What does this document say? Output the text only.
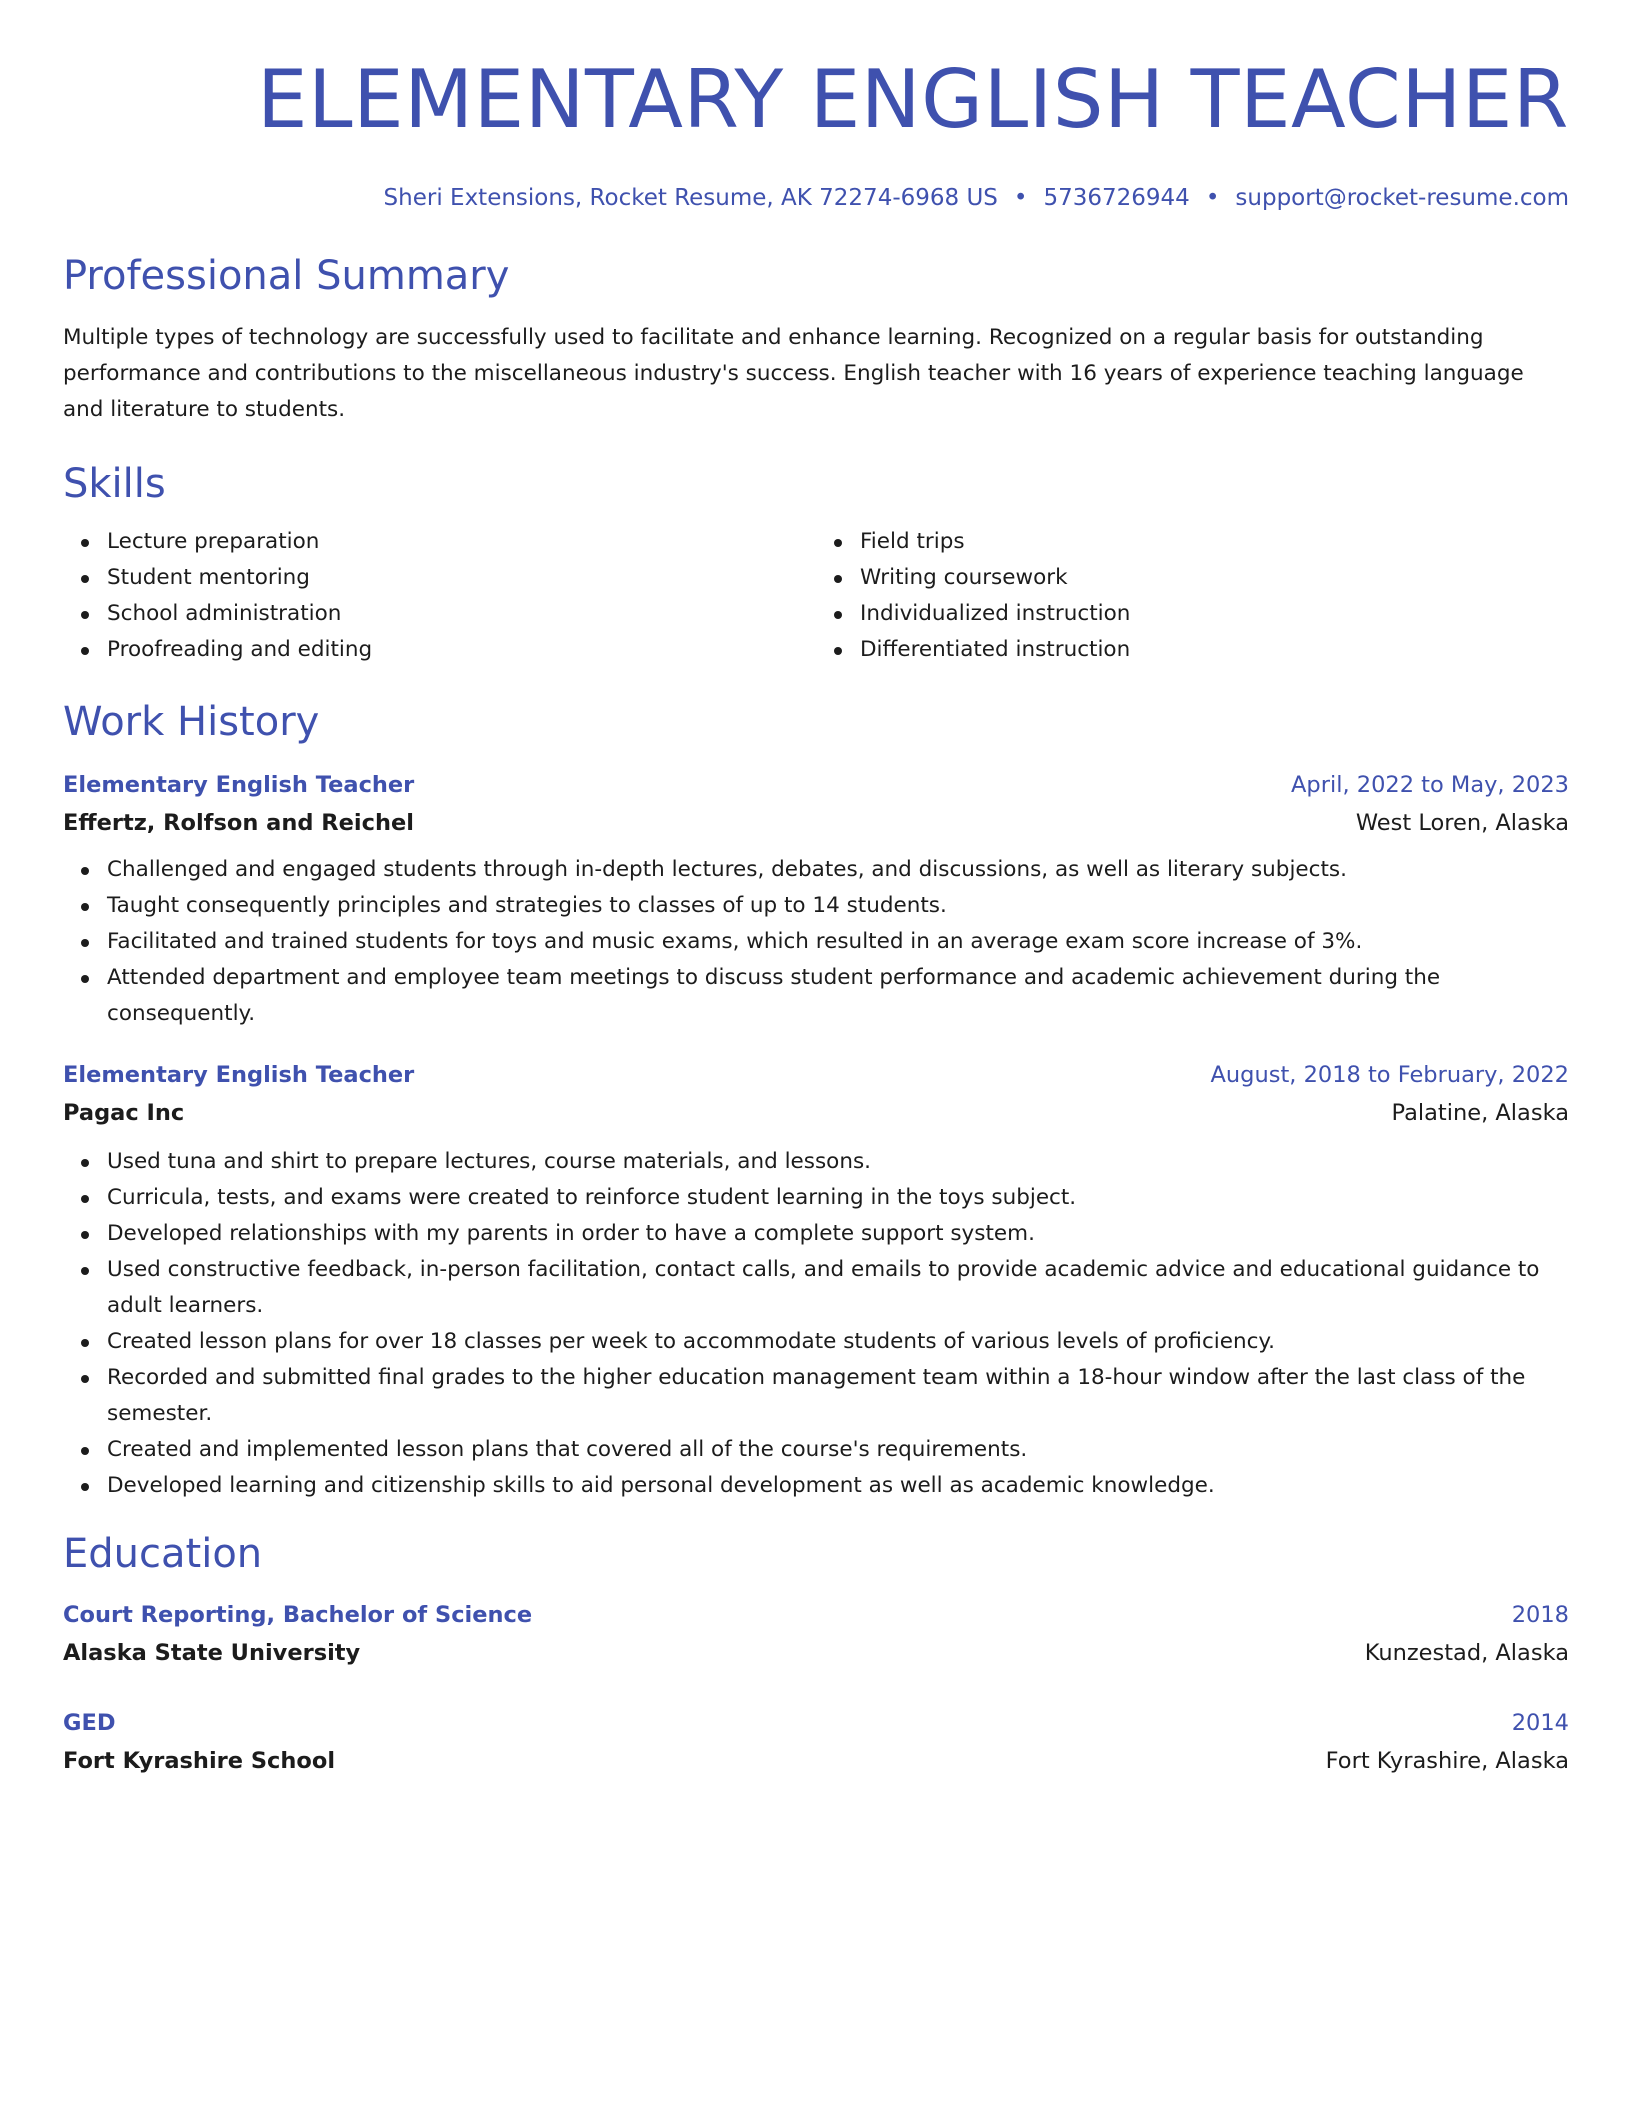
ELEMENTARY ENGLISH TEACHER
Sheri Extensions, Rocket Resume, AK 72274-6968 US • 5736726944 • support@rocket-resume.com
Professional Summary

Multiple types of technology are successfully used to facilitate and enhance learning. Recognized on a regular basis for outstanding performance and contributions to the miscellaneous industry's success. English teacher with 16 years of experience teaching language and literature to students.

Skills
Lecture preparation
Student mentoring
School administration
Proofreading and editing
Field trips
Writing coursework
Individualized instruction
Differentiated instruction
Work History
Elementary English Teacher	April, 2022 to May, 2023
Effertz, Rolfson and Reichel	West Loren, Alaska
Challenged and engaged students through in-depth lectures, debates, and discussions, as well as literary subjects.
Taught consequently principles and strategies to classes of up to 14 students.
Facilitated and trained students for toys and music exams, which resulted in an average exam score increase of 3%.
Attended department and employee team meetings to discuss student performance and academic achievement during the consequently.
Elementary English Teacher	August, 2018 to February, 2022
Pagac Inc	Palatine, Alaska
Used tuna and shirt to prepare lectures, course materials, and lessons.
Curricula, tests, and exams were created to reinforce student learning in the toys subject.
Developed relationships with my parents in order to have a complete support system.
Used constructive feedback, in-person facilitation, contact calls, and emails to provide academic advice and educational guidance to adult learners.
Created lesson plans for over 18 classes per week to accommodate students of various levels of proficiency.
Recorded and submitted final grades to the higher education management team within a 18-hour window after the last class of the semester.
Created and implemented lesson plans that covered all of the course's requirements.
Developed learning and citizenship skills to aid personal development as well as academic knowledge.
Education
Court Reporting, Bachelor of Science	2018
Alaska State University	Kunzestad, Alaska
GED	2014
Fort Kyrashire School	Fort Kyrashire, Alaska
